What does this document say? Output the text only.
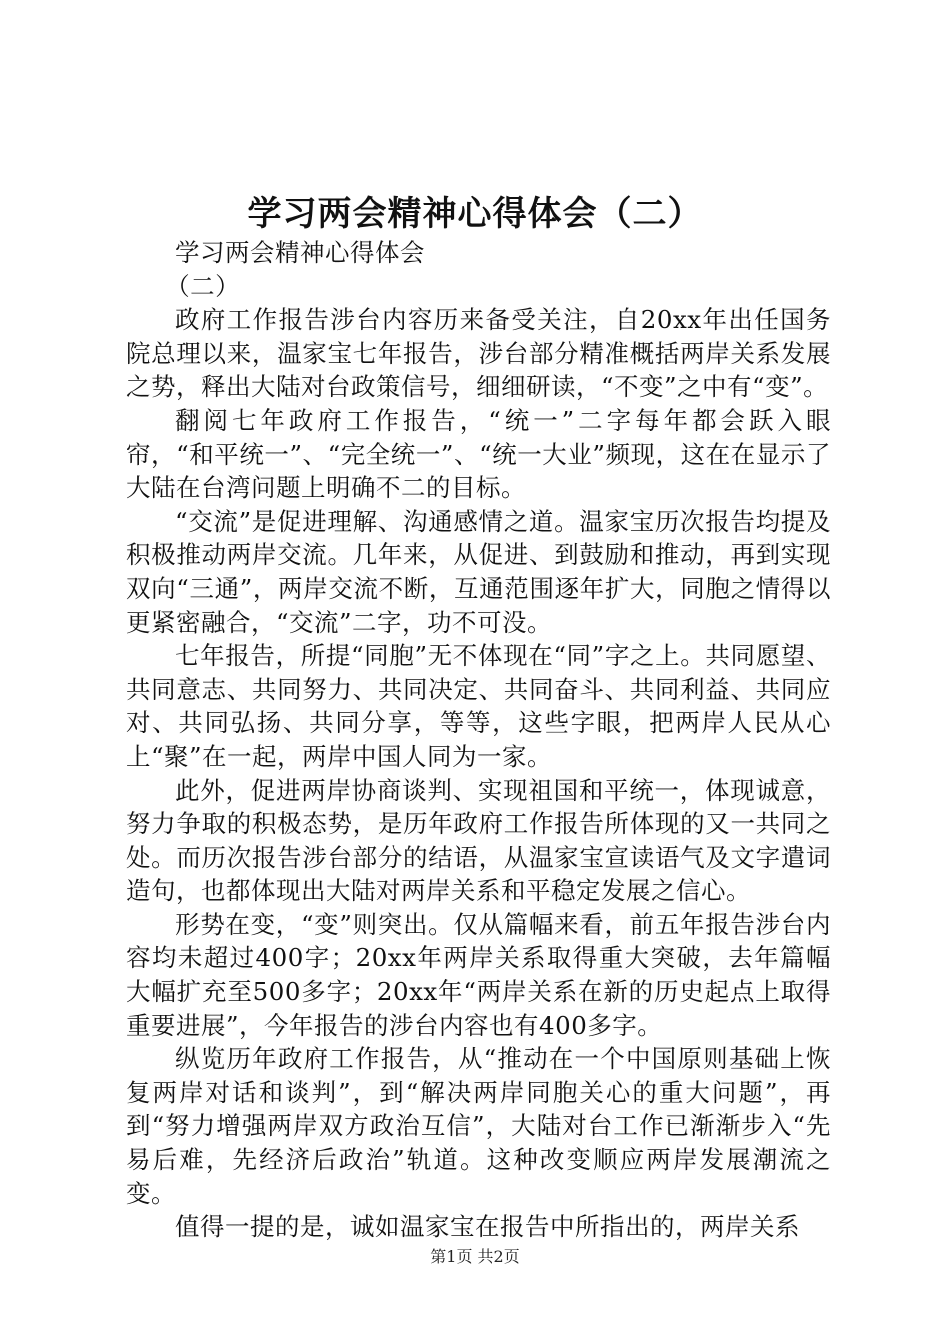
学习两会精神心得体会（二）

学习两会精神心得体会

（二）

政府工作报告涉台内容历来备受关注，自20xx年出任国务院总理以来，温家宝七年报告，涉台部分精准概括两岸关系发展之势，释出大陆对台政策信号，细细研读，“不变”之中有“变”。

翻阅七年政府工作报告，“统一”二字每年都会跃入眼帘，“和平统一”、“完全统一”、“统一大业”频现，这在在显示了大陆在台湾问题上明确不二的目标。

“交流”是促进理解、沟通感情之道。温家宝历次报告均提及积极推动两岸交流。几年来，从促进、到鼓励和推动，再到实现双向“三通”，两岸交流不断，互通范围逐年扩大，同胞之情得以更紧密融合，“交流”二字，功不可没。

七年报告，所提“同胞”无不体现在“同”字之上。共同愿望、共同意志、共同努力、共同决定、共同奋斗、共同利益、共同应对、共同弘扬、共同分享，等等，这些字眼，把两岸人民从心上“聚”在一起，两岸中国人同为一家。

此外，促进两岸协商谈判、实现祖国和平统一，体现诚意，努力争取的积极态势，是历年政府工作报告所体现的又一共同之处。而历次报告涉台部分的结语，从温家宝宣读语气及文字遣词造句，也都体现出大陆对两岸关系和平稳定发展之信心。

形势在变，“变”则突出。仅从篇幅来看，前五年报告涉台内容均未超过400字；20xx年两岸关系取得重大突破，去年篇幅大幅扩充至500多字；20xx年“两岸关系在新的历史起点上取得重要进展”，今年报告的涉台内容也有400多字。

纵览历年政府工作报告，从“推动在一个中国原则基础上恢复两岸对话和谈判”，到“解决两岸同胞关心的重大问题”，再到“努力增强两岸双方政治互信”，大陆对台工作已渐渐步入“先易后难，先经济后政治”轨道。这种改变顺应两岸发展潮流之变。

值得一提的是，诚如温家宝在报告中所指出的，两岸关系

第1页 共2页
